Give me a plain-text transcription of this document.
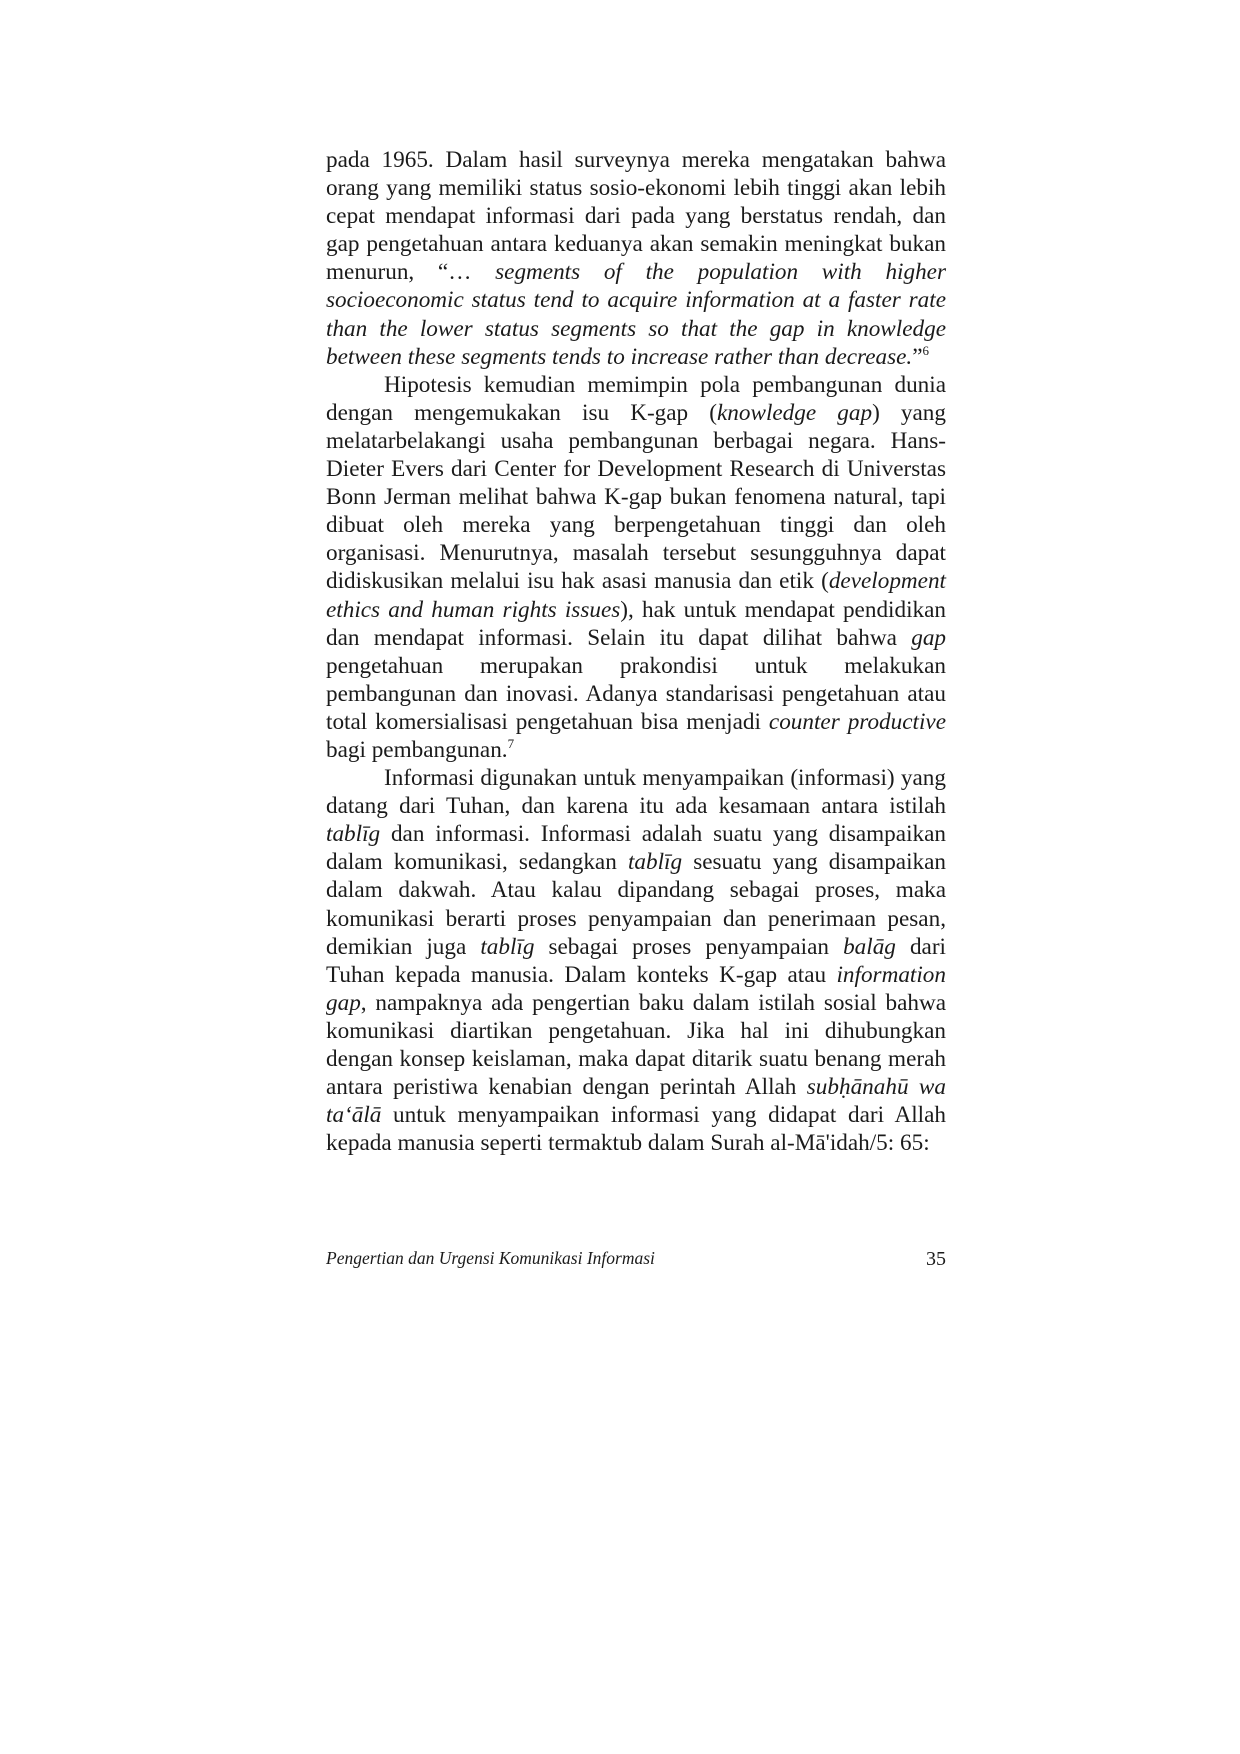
pada 1965. Dalam hasil surveynya mereka mengatakan bahwa orang yang memiliki status sosio-ekonomi lebih tinggi akan lebih cepat mendapat informasi dari pada yang berstatus rendah, dan gap pengetahuan antara keduanya akan semakin meningkat bukan menurun, “… segments of the population with higher socioeconomic status tend to acquire information at a faster rate than the lower status segments so that the gap in knowledge between these segments tends to increase rather than decrease.”$^6$

Hipotesis kemudian memimpin pola pembangunan dunia dengan mengemukakan isu K-gap (knowledge gap) yang melatarbelakangi usaha pembangunan berbagai negara. Hans-Dieter Evers dari Center for Development Research di Universtas Bonn Jerman melihat bahwa K-gap bukan fenomena natural, tapi dibuat oleh mereka yang berpengetahuan tinggi dan oleh organisasi. Menurutnya, masalah tersebut sesungguhnya dapat didiskusikan melalui isu hak asasi manusia dan etik (development ethics and human rights issues), hak untuk mendapat pendidikan dan mendapat informasi. Selain itu dapat dilihat bahwa gap pengetahuan merupakan prakondisi untuk melakukan pembangunan dan inovasi. Adanya standarisasi pengetahuan atau total komersialisasi pengetahuan bisa menjadi counter productive bagi pembangunan.$^7$

Informasi digunakan untuk menyampaikan (informasi) yang datang dari Tuhan, dan karena itu ada kesamaan antara istilah tablīg dan informasi. Informasi adalah suatu yang disampaikan dalam komunikasi, sedangkan tablīg sesuatu yang disampaikan dalam dakwah. Atau kalau dipandang sebagai proses, maka komunikasi berarti proses penyampaian dan penerimaan pesan, demikian juga tablīg sebagai proses penyampaian balāg dari Tuhan kepada manusia. Dalam konteks K-gap atau information gap, nampaknya ada pengertian baku dalam istilah sosial bahwa komunikasi diartikan pengetahuan. Jika hal ini dihubungkan dengan konsep keislaman, maka dapat ditarik suatu benang merah antara peristiwa kenabian dengan perintah Allah subḥānahū wa ta‘ālā untuk menyampaikan informasi yang didapat dari Allah kepada manusia seperti termaktub dalam Surah al-Mā'idah/5: 65:

Pengertian dan Urgensi Komunikasi Informasi	35
